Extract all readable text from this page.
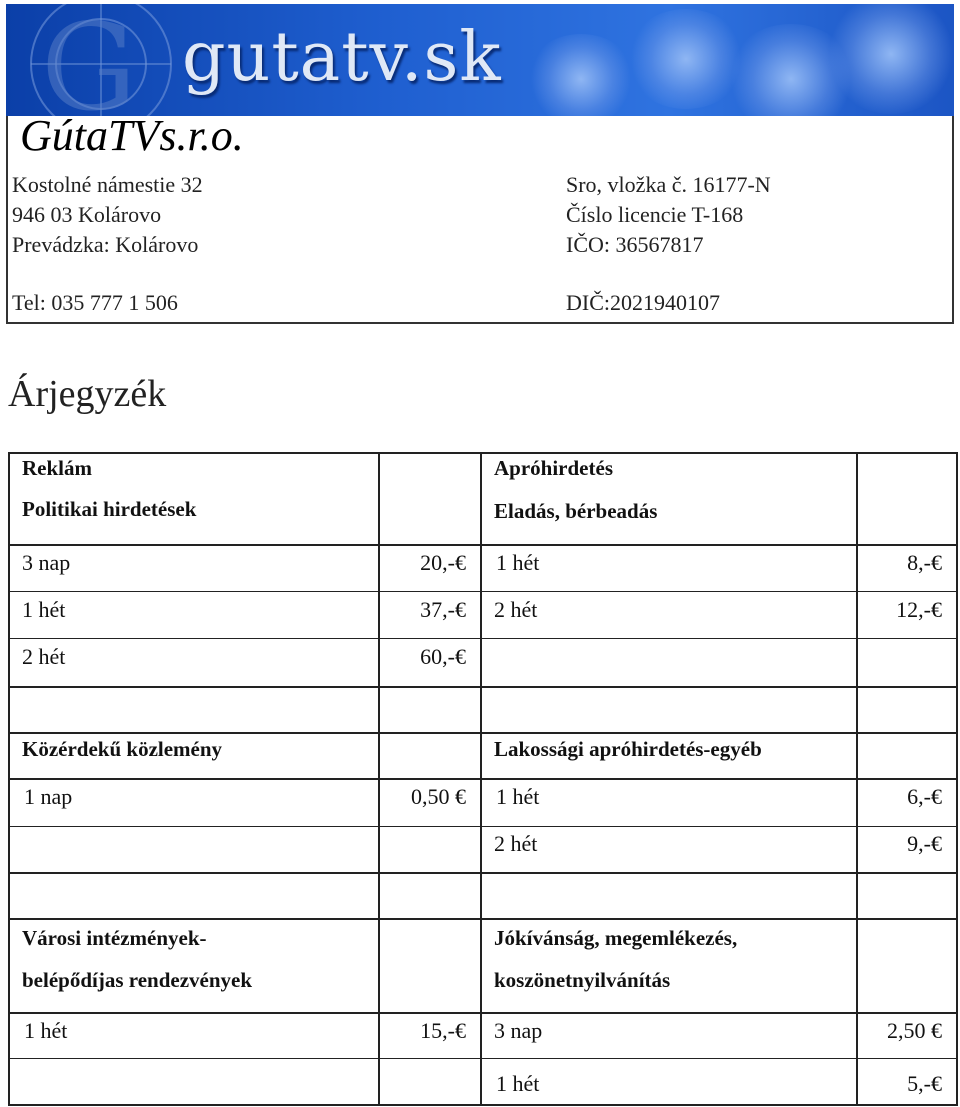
G gutatv.sk
GútaTVs.r.o.
Kostolné námestie 32
946 03 Kolárovo
Prevádzka: Kolárovo
Tel: 035 777 1 506
Sro, vložka č. 16177-N
Číslo licencie T-168
IČO: 36567817
DIČ:2021940107
Árjegyzék
Reklám
Politikai hirdetések
3 nap	20,-€
1 hét	37,-€
2 hét	60,-€
Apróhirdetés
Eladás, bérbeadás
1 hét	8,-€
2 hét	12,-€
Közérdekű közlemény
1 nap	0,50 €
Lakossági apróhirdetés-egyéb
1 hét	6,-€
2 hét	9,-€
Városi intézmények-
belépődíjas rendezvények
1 hét	15,-€
Jókívánság, megemlékezés,
koszönetnyilvánítás
3 nap	2,50 €
1 hét	5,-€
